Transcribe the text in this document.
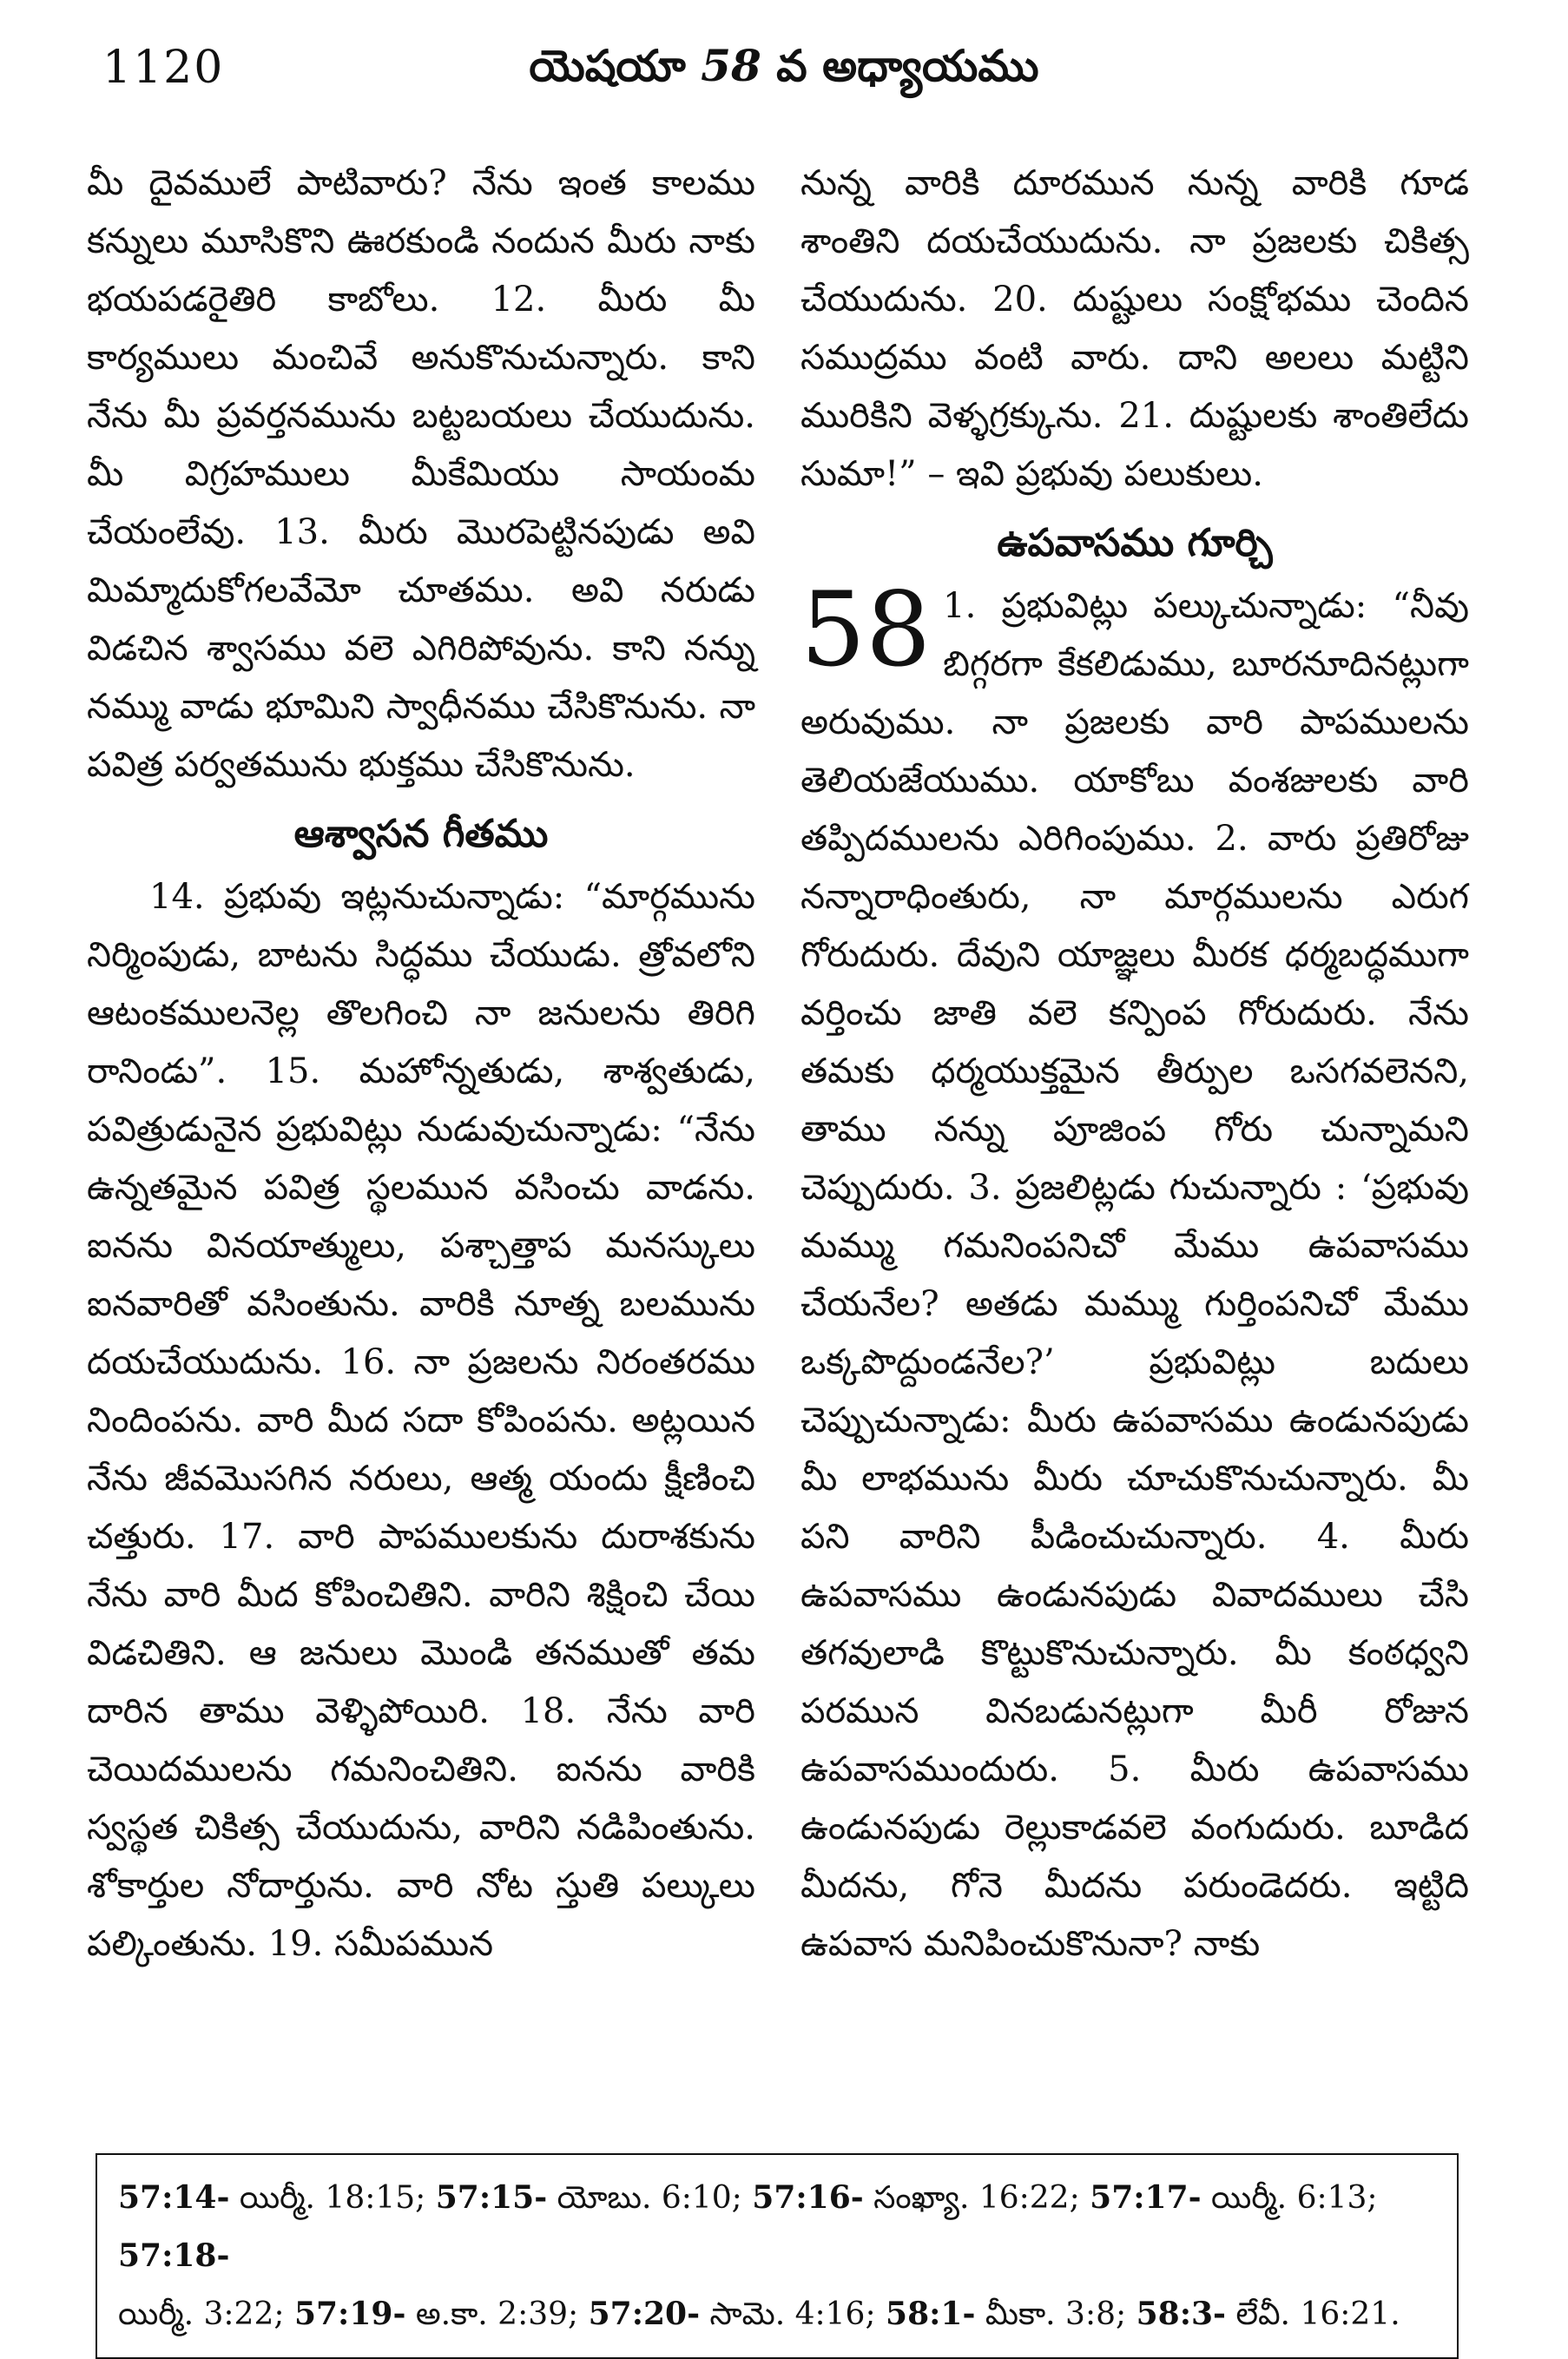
1120	యెషయా 58 వ అధ్యాయము

మీ దైవములే పాటివారు? నేను ఇంత కాలము కన్నులు మూసికొని ఊరకుండి నందున మీరు నాకు భయపడరైతిరి కాబోలు. 12. మీరు మీ కార్యములు మంచివే అనుకొనుచున్నారు. కాని నేను మీ ప్రవర్తనమును బట్టబయలు చేయుదును. మీ విగ్రహములు మీకేమియు సాయంమ చేయంలేవు. 13. మీరు మొరపెట్టినపుడు అవి మిమ్మాదుకోగలవేమో చూతము. అవి నరుడు విడచిన శ్వాసము వలె ఎగిరిపోవును. కాని నన్ను నమ్ము వాడు భూమిని స్వాధీనము చేసికొనును. నా పవిత్ర పర్వతమును భుక్తము చేసికొనును.

ఆశ్వాసన గీతము

14. ప్రభువు ఇట్లనుచున్నాడు: “మార్గమును నిర్మింపుడు, బాటను సిద్ధము చేయుడు. త్రోవలోని ఆటంకములనెల్ల తొలగించి నా జనులను తిరిగి రానిండు”. 15. మహోన్నతుడు, శాశ్వతుడు, పవిత్రుడునైన ప్రభువిట్లు నుడువుచున్నాడు: “నేను ఉన్నతమైన పవిత్ర స్థలమున వసించు వాడను. ఐనను వినయాత్ములు, పశ్చాత్తాప మనస్కులు ఐనవారితో వసింతును. వారికి నూత్న బలమును దయచేయుదును. 16. నా ప్రజలను నిరంతరము నిందింపను. వారి మీద సదా కోపింపను. అట్లయిన నేను జీవమొసగిన నరులు, ఆత్మ యందు క్షీణించి చత్తురు. 17. వారి పాపములకును దురాశకును నేను వారి మీద కోపించితిని. వారిని శిక్షించి చేయి విడచితిని. ఆ జనులు మొండి తనముతో తమ దారిన తాము వెళ్ళిపోయిరి. 18. నేను వారి చెయిదములను గమనించితిని. ఐనను వారికి స్వస్థత చికిత్స చేయుదును, వారిని నడిపింతును. శోకార్తుల నోదార్తును. వారి నోట స్తుతి పల్కులు పల్కింతును. 19. సమీపమున

నున్న వారికి దూరమున నున్న వారికి గూడ శాంతిని దయచేయుదును. నా ప్రజలకు చికిత్స చేయుదును. 20. దుష్టులు సంక్షోభము చెందిన సముద్రము వంటి వారు. దాని అలలు మట్టిని మురికిని వెళ్ళగ్రక్కును. 21. దుష్టులకు శాంతిలేదు సుమా!” – ఇవి ప్రభువు పలుకులు.

ఉపవాసము గూర్చి

58 1. ప్రభువిట్లు పల్కుచున్నాడు: “నీవు బిగ్గరగా కేకలిడుము, బూరనూదినట్లుగా అరువుము. నా ప్రజలకు వారి పాపములను తెలియజేయుము. యాకోబు వంశజులకు వారి తప్పిదములను ఎరిగింపుము. 2. వారు ప్రతిరోజు నన్నారాధింతురు, నా మార్గములను ఎరుగ గోరుదురు. దేవుని యాజ్ఞలు మీరక ధర్మబద్ధముగా వర్తించు జాతి వలె కన్పింప గోరుదురు. నేను తమకు ధర్మయుక్తమైన తీర్పుల ఒసగవలెనని, తాము నన్ను పూజింప గోరు చున్నామని చెప్పుదురు. 3. ప్రజలిట్లడు గుచున్నారు : ‘ప్రభువు మమ్ము గమనింపనిచో మేము ఉపవాసము చేయనేల? అతడు మమ్ము గుర్తింపనిచో మేము ఒక్కపొద్దుండనేల?’ ప్రభువిట్లు బదులు చెప్పుచున్నాడు: మీరు ఉపవాసము ఉండునపుడు మీ లాభమును మీరు చూచుకొనుచున్నారు. మీ పని వారిని పీడించుచున్నారు. 4. మీరు ఉపవాసము ఉండునపుడు వివాదములు చేసి తగవులాడి కొట్టుకొనుచున్నారు. మీ కంఠధ్వని పరమున వినబడునట్లుగా మీరీ రోజున ఉపవాసముందురు. 5. మీరు ఉపవాసము ఉండునపుడు రెల్లుకాడవలె వంగుదురు. బూడిద మీదను, గోనె మీదను పరుండెదరు. ఇట్టిది ఉపవాస మనిపించుకొనునా? నాకు

57:14- యిర్మీ. 18:15; 57:15- యోబు. 6:10; 57:16- సంఖ్యా. 16:22; 57:17- యిర్మీ. 6:13; 57:18-
యిర్మీ. 3:22; 57:19- అ.కా. 2:39; 57:20- సామె. 4:16; 58:1- మీకా. 3:8; 58:3- లేవీ. 16:21.
